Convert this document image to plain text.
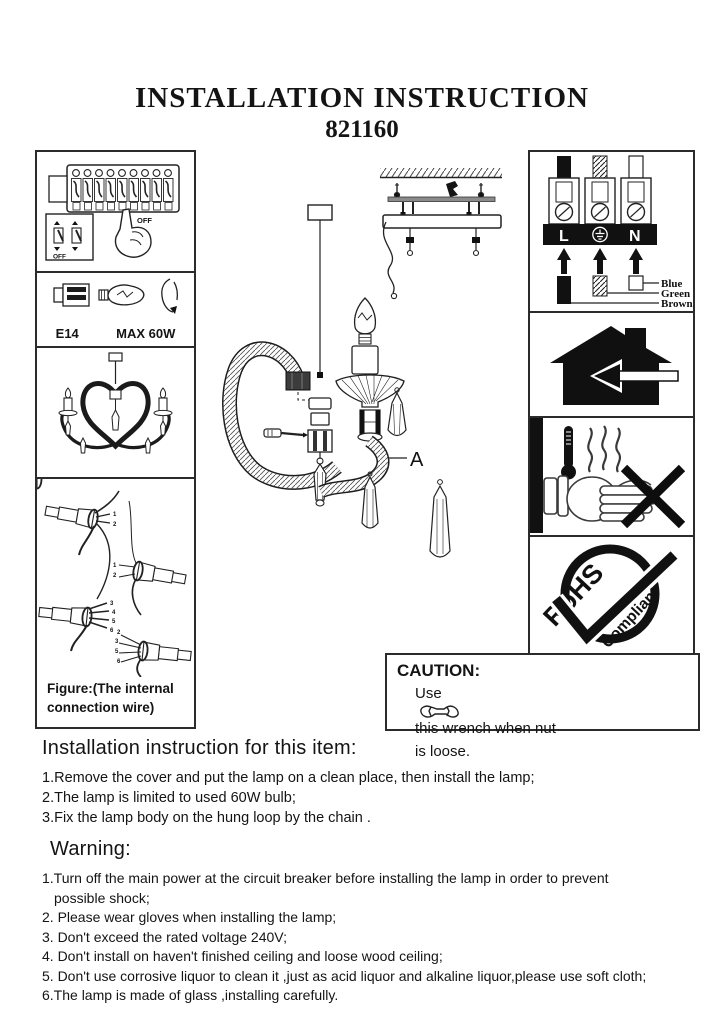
INSTALLATION INSTRUCTION
821160
OFF
OFF
E14	MAX 60W
1
2
1
2
3
4
5
6 2
3
5
6
Figure:(The internal
connection wire)
A
L	N
Blue
Green
Brown
RoHS
Compliant
CAUTION:
Use
this wrench when nut
is loose.
Installation instruction for this item:
1.Remove the cover and put the lamp on a clean place, then install the lamp;
2.The lamp is limited to used 60W bulb;
3.Fix the lamp body on the hung loop by the chain .
Warning:
1.Turn off the main power at the circuit breaker before installing the lamp in order to prevent
possible shock;
2. Please wear gloves when installing the lamp;
3. Don't exceed the rated voltage 240V;
4. Don't install on haven't finished ceiling and loose wood ceiling;
5. Don't use corrosive liquor to clean it ,just as acid liquor and alkaline liquor,please use soft cloth;
6.The lamp is made of glass ,installing carefully.
